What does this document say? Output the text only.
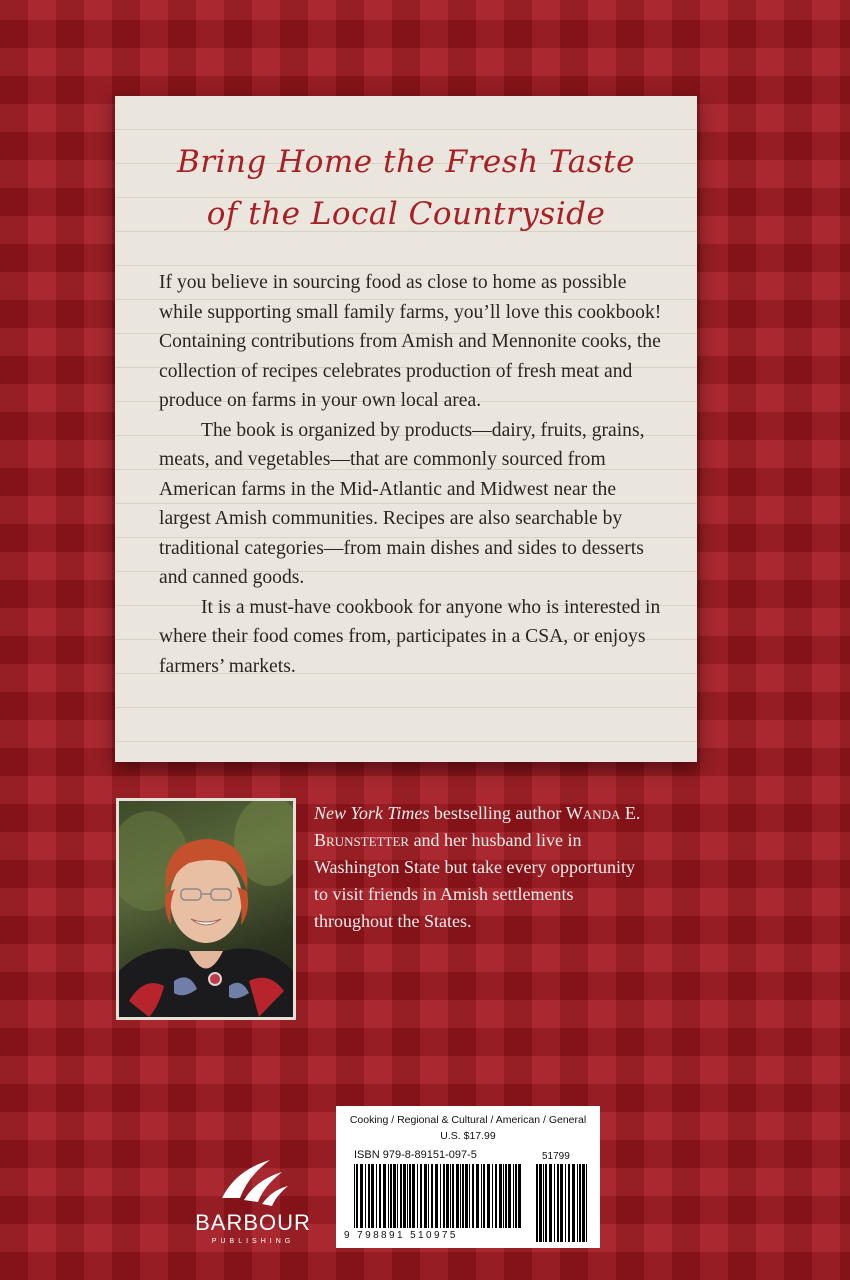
Bring Home the Fresh Taste
of the Local Countryside

If you believe in sourcing food as close to home as possible while supporting small family farms, you’ll love this cookbook! Containing contributions from Amish and Mennonite cooks, the collection of recipes celebrates production of fresh meat and produce on farms in your own local area.

The book is organized by products—dairy, fruits, grains, meats, and vegetables—that are commonly sourced from American farms in the Mid-Atlantic and Midwest near the largest Amish communities. Recipes are also searchable by traditional categories—from main dishes and sides to desserts and canned goods.

It is a must-have cookbook for anyone who is interested in where their food comes from, participates in a CSA, or enjoys farmers’ markets.

New York Times bestselling author Wanda E. Brunstetter and her husband live in Washington State but take every opportunity to visit friends in Amish settlements throughout the States.
BARBOUR
PUBLISHING
Cooking / Regional & Cultural / American / General
U.S. $17.99
ISBN 979-8-89151-097-5	51799
9 798891 510975
